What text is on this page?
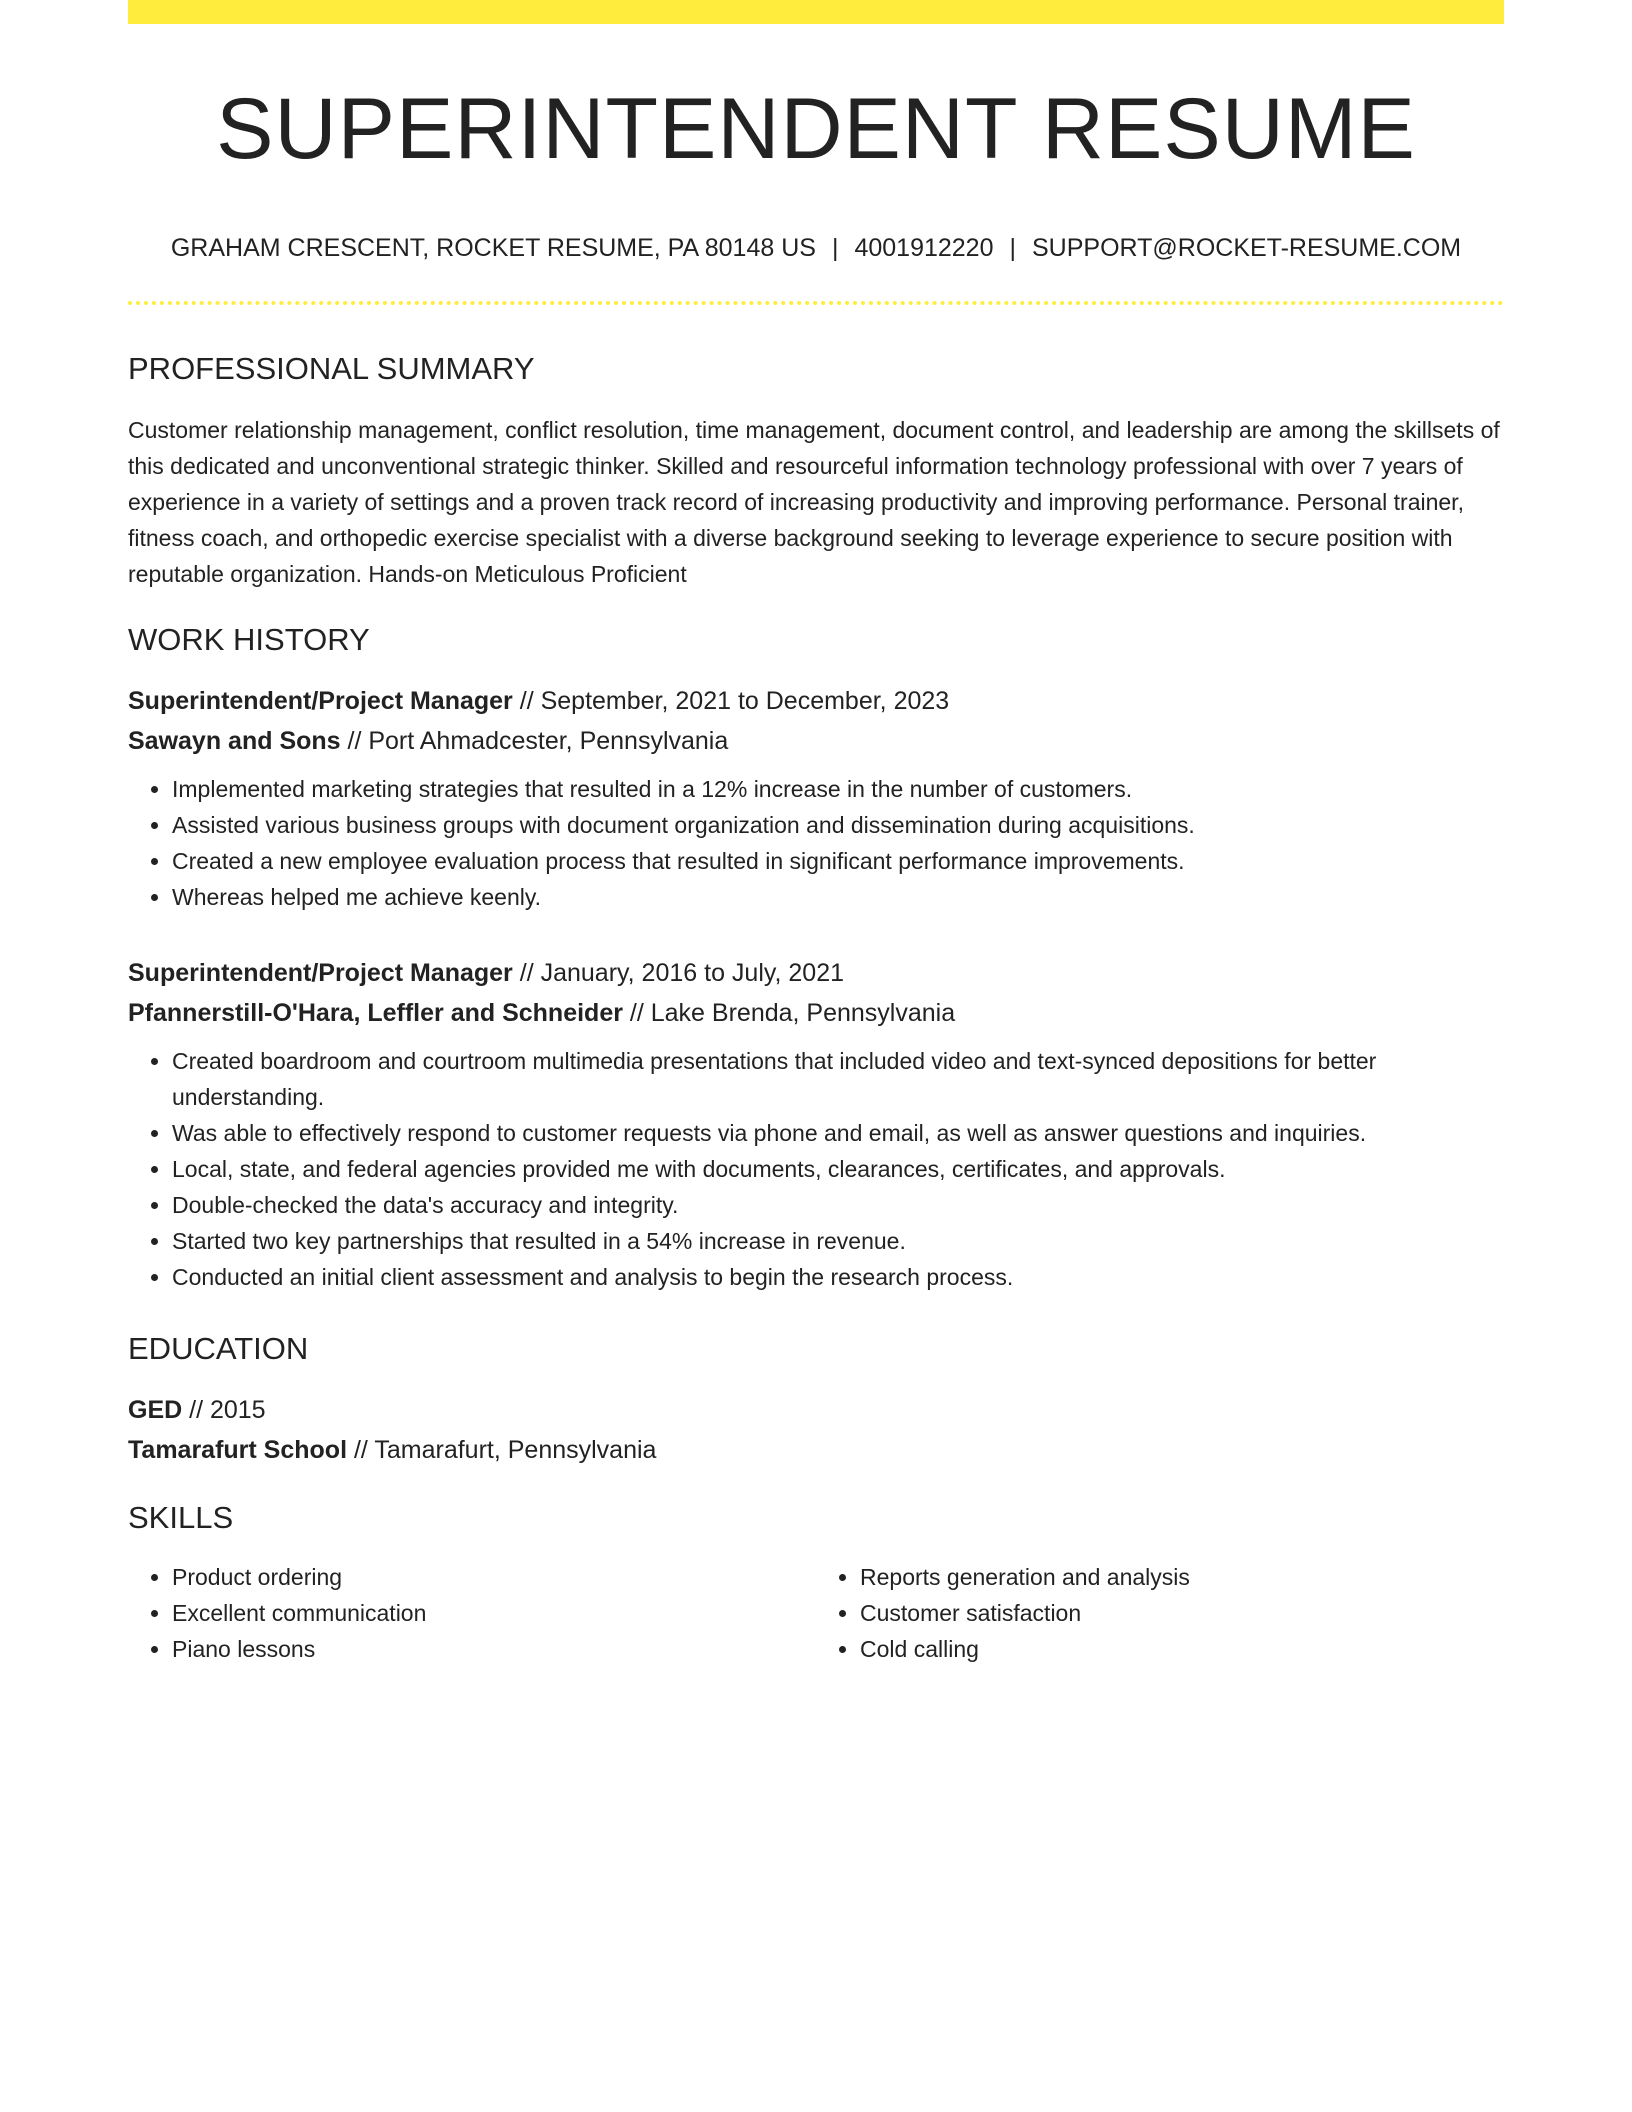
SUPERINTENDENT RESUME
GRAHAM CRESCENT, ROCKET RESUME, PA 80148 US | 4001912220 | SUPPORT@ROCKET-RESUME.COM
PROFESSIONAL SUMMARY

Customer relationship management, conflict resolution, time management, document control, and leadership are among the skillsets of this dedicated and unconventional strategic thinker. Skilled and resourceful information technology professional with over 7 years of experience in a variety of settings and a proven track record of increasing productivity and improving performance. Personal trainer, fitness coach, and orthopedic exercise specialist with a diverse background seeking to leverage experience to secure position with reputable organization. Hands-on Meticulous Proficient

WORK HISTORY
Superintendent/Project Manager // September, 2021 to December, 2023
Sawayn and Sons // Port Ahmadcester, Pennsylvania
• Implemented marketing strategies that resulted in a 12% increase in the number of customers.
• Assisted various business groups with document organization and dissemination during acquisitions.
• Created a new employee evaluation process that resulted in significant performance improvements.
• Whereas helped me achieve keenly.
Superintendent/Project Manager // January, 2016 to July, 2021
Pfannerstill-O'Hara, Leffler and Schneider // Lake Brenda, Pennsylvania
• Created boardroom and courtroom multimedia presentations that included video and text-synced depositions for better understanding.
• Was able to effectively respond to customer requests via phone and email, as well as answer questions and inquiries.
• Local, state, and federal agencies provided me with documents, clearances, certificates, and approvals.
• Double-checked the data's accuracy and integrity.
• Started two key partnerships that resulted in a 54% increase in revenue.
• Conducted an initial client assessment and analysis to begin the research process.
EDUCATION
GED // 2015
Tamarafurt School // Tamarafurt, Pennsylvania
SKILLS
• Product ordering
• Excellent communication
• Piano lessons
• Reports generation and analysis
• Customer satisfaction
• Cold calling
